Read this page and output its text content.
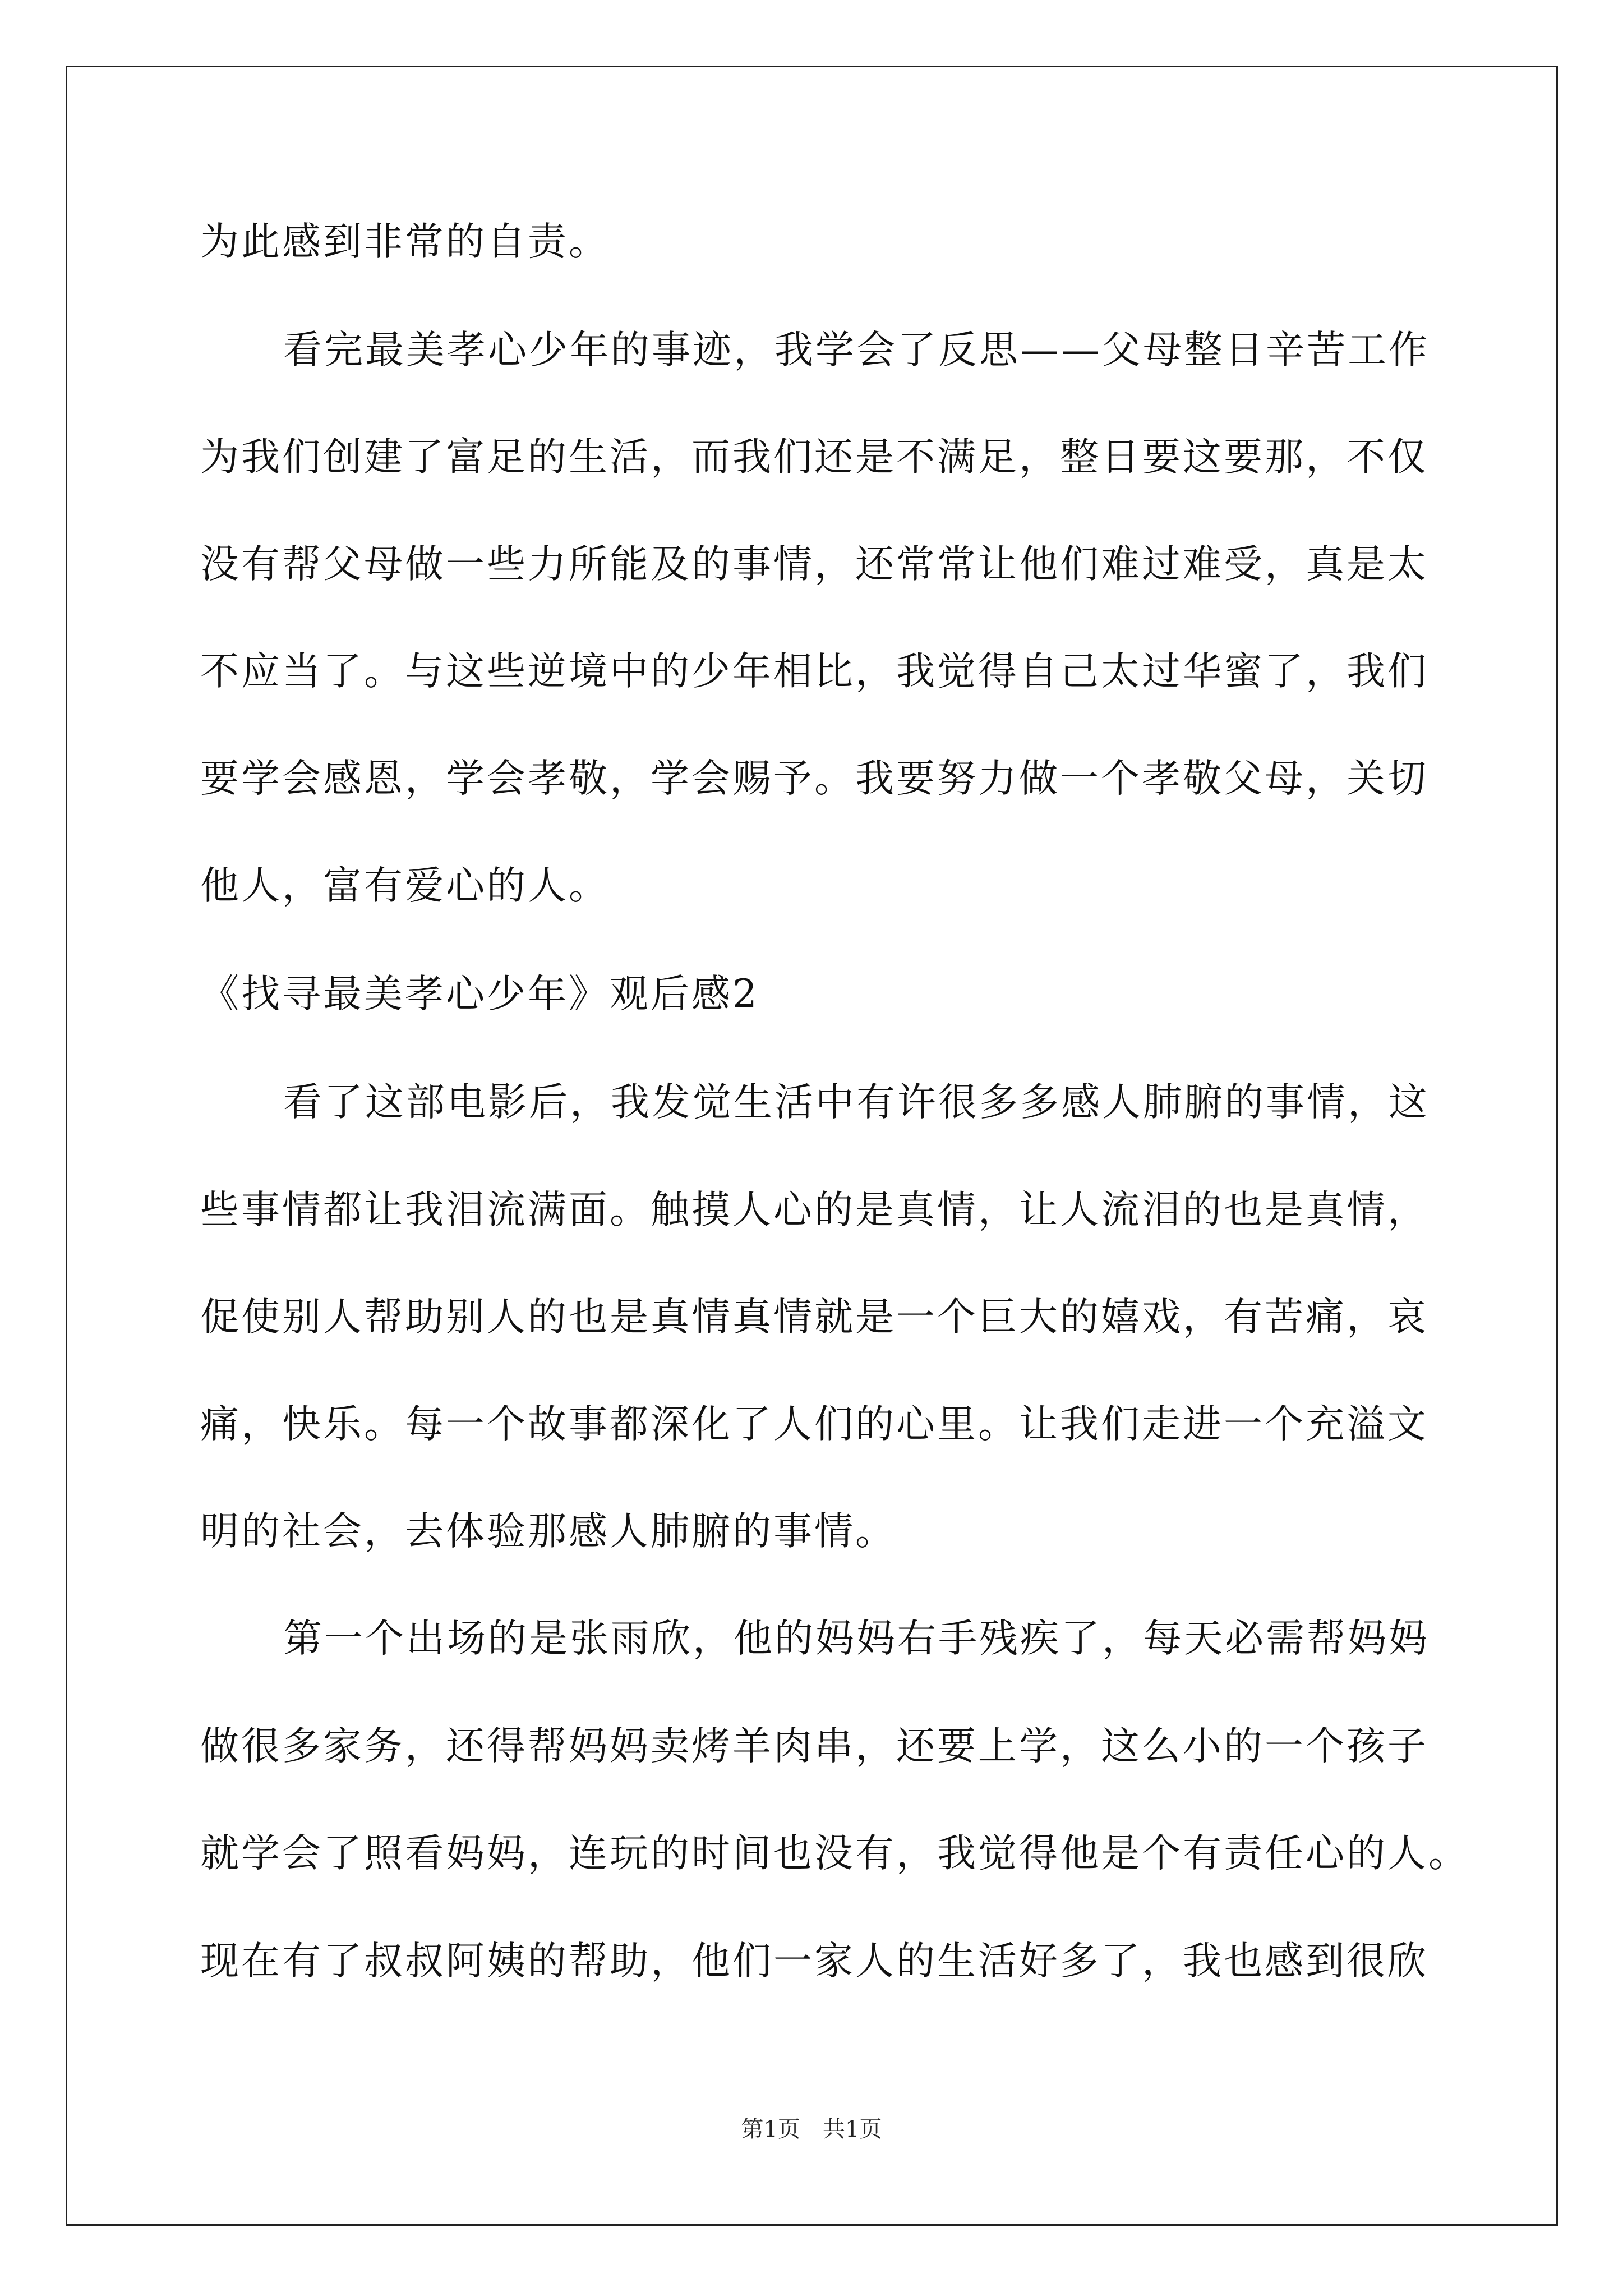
为此感到非常的自责。
看完最美孝心少年的事迹，我学会了反思——父母整日辛苦工作
为我们创建了富足的生活，而我们还是不满足，整日要这要那，不仅
没有帮父母做一些力所能及的事情，还常常让他们难过难受，真是太
不应当了。与这些逆境中的少年相比，我觉得自己太过华蜜了，我们
要学会感恩，学会孝敬，学会赐予。我要努力做一个孝敬父母，关切
他人，富有爱心的人。
《找寻最美孝心少年》观后感2
看了这部电影后，我发觉生活中有许很多多感人肺腑的事情，这
些事情都让我泪流满面。触摸人心的是真情，让人流泪的也是真情，
促使别人帮助别人的也是真情真情就是一个巨大的嬉戏，有苦痛，哀
痛，快乐。每一个故事都深化了人们的心里。让我们走进一个充溢文
明的社会，去体验那感人肺腑的事情。
第一个出场的是张雨欣，他的妈妈右手残疾了，每天必需帮妈妈
做很多家务，还得帮妈妈卖烤羊肉串，还要上学，这么小的一个孩子
就学会了照看妈妈，连玩的时间也没有，我觉得他是个有责任心的人。
现在有了叔叔阿姨的帮助，他们一家人的生活好多了，我也感到很欣
第1页　共1页
